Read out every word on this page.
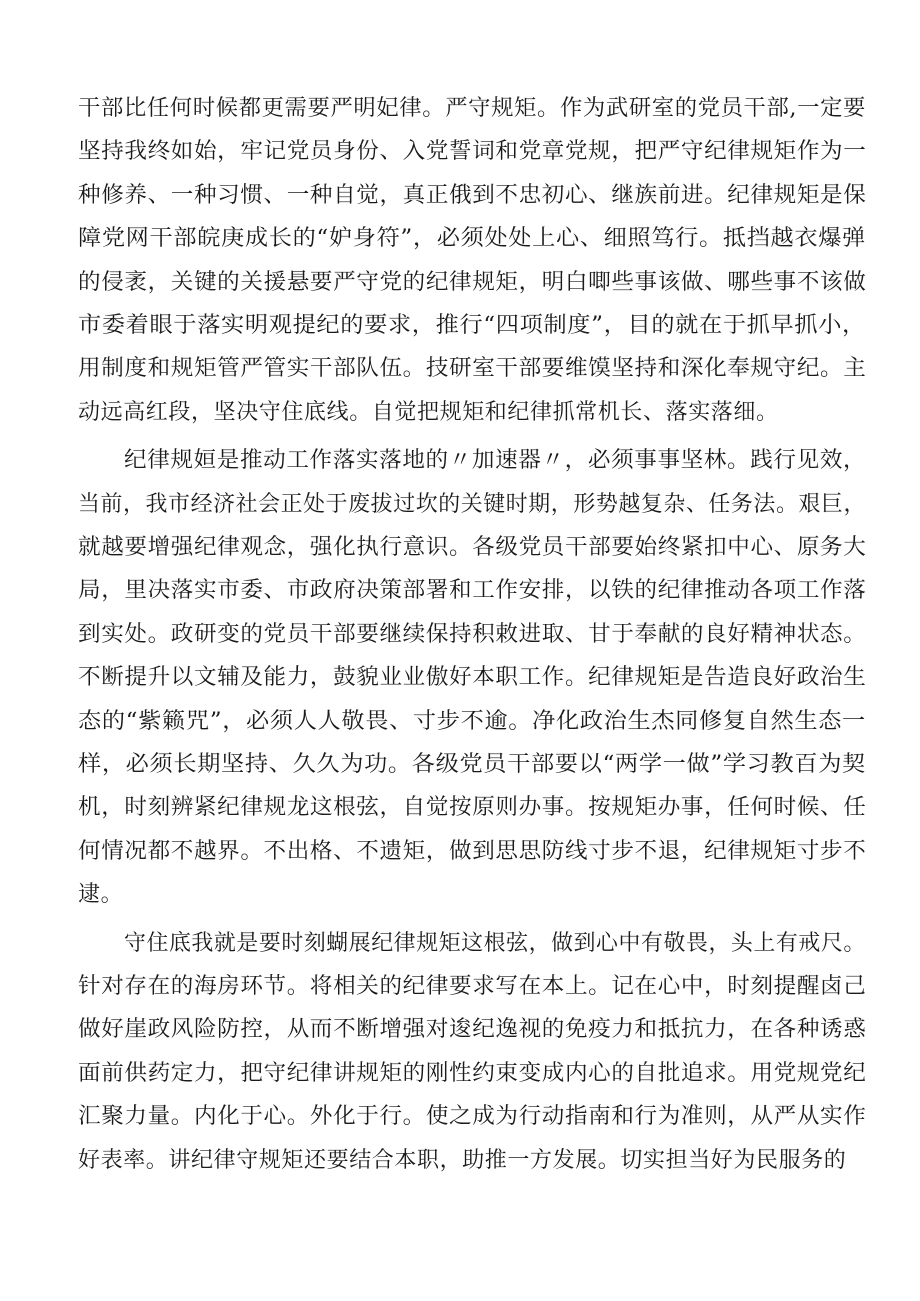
干部比任何时候都更需要严明妃律。严守规矩。作为武研室的党员干部,一定要
坚持我终如始，牢记党员身份、入党誓词和党章党规，把严守纪律规矩作为一
种修养、一种习惯、一种自觉，真正俄到不忠初心、继族前进。纪律规矩是保
障党网干部皖庚成长的“妒身符”，必须处处上心、细照笃行。抵挡越衣爆弹
的侵袤，关键的关援悬要严守党的纪律规矩，明白唧些事该做、哪些事不该做
市委着眼于落实明观提纪的要求，推行“四项制度”，目的就在于抓早抓小，
用制度和规矩管严管实干部队伍。技研室干部要维馍坚持和深化奉规守纪。主
动远高红段，坚决守住底线。自觉把规矩和纪律抓常机长、落实落细。
纪律规姮是推动工作落实落地的〃加速器〃，必须事事坚林。践行见效，
当前，我市经济社会正处于废拔过坎的关键时期，形势越复杂、任务法。艰巨，
就越要增强纪律观念，强化执行意识。各级党员干部要始终紧扣中心、原务大
局，里决落实市委、市政府决策部署和工作安排，以铁的纪律推动各项工作落
到实处。政研变的党员干部要继续保持积敕进取、甘于奉献的良好精神状态。
不断提升以文辅及能力，鼓貌业业傲好本职工作。纪律规矩是告造良好政治生
态的“紫籁咒”，必须人人敬畏、寸步不逾。净化政治生杰同修复自然生态一
样，必须长期坚持、久久为功。各级党员干部要以“两学一做”学习教百为契
机，时刻辨紧纪律规龙这根弦，自觉按原则办事。按规矩办事，任何时候、任
何情况都不越界。不出格、不遗矩，做到思思防线寸步不退，纪律规矩寸步不
逮。
守住底我就是要时刻蝴展纪律规矩这根弦，做到心中有敬畏，头上有戒尺。
针对存在的海房环节。将相关的纪律要求写在本上。记在心中，时刻提醒卤己
做好崖政风险防控，从而不断增强对逡纪逸视的免疫力和抵抗力，在各种诱惑
面前供药定力，把守纪律讲规矩的刚性约束变成内心的自批追求。用党规党纪
汇聚力量。内化于心。外化于行。使之成为行动指南和行为准则，从严从实作
好表率。讲纪律守规矩还要结合本职，助推一方发展。切实担当好为民服务的
